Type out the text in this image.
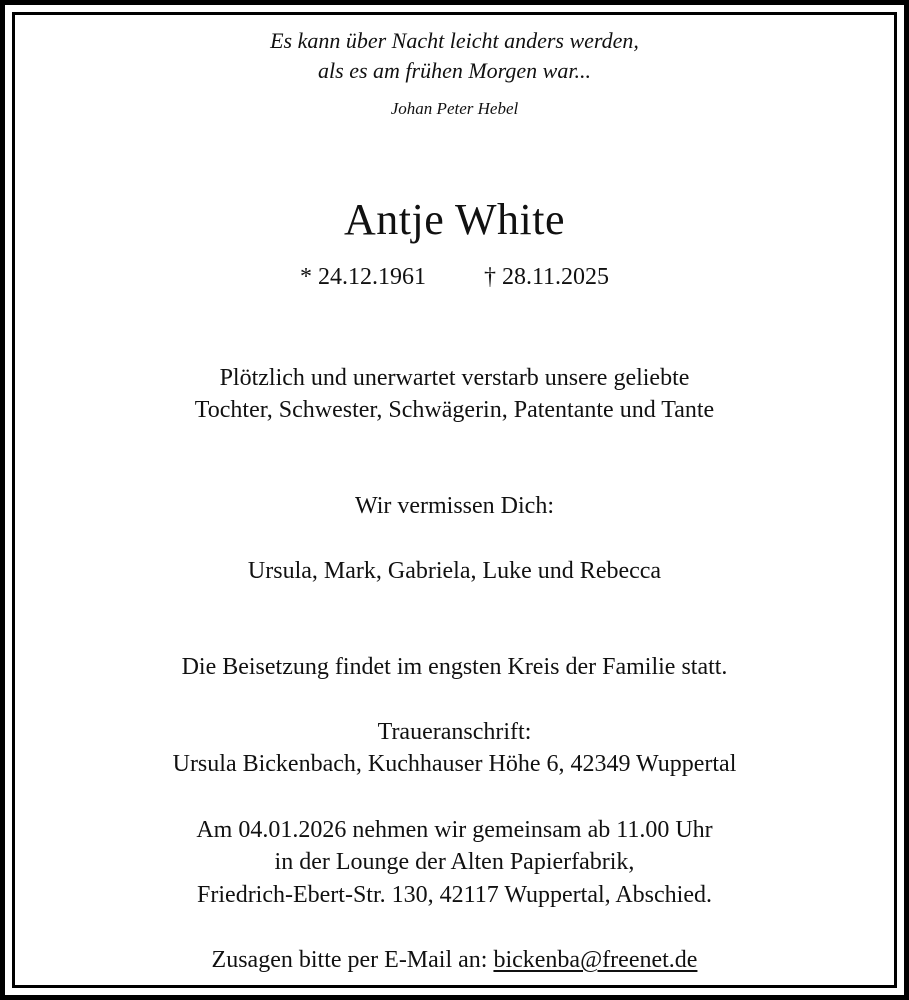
Es kann über Nacht leicht anders werden,
als es am frühen Morgen war...
Johan Peter Hebel
Antje White
* 24.12.1961 † 28.11.2025
Plötzlich und unerwartet verstarb unsere geliebte
Tochter, Schwester, Schwägerin, Patentante und Tante
Wir vermissen Dich:
Ursula, Mark, Gabriela, Luke und Rebecca
Die Beisetzung findet im engsten Kreis der Familie statt.
Traueranschrift:
Ursula Bickenbach, Kuchhauser Höhe 6, 42349 Wuppertal
Am 04.01.2026 nehmen wir gemeinsam ab 11.00 Uhr
in der Lounge der Alten Papierfabrik,
Friedrich-Ebert-Str. 130, 42117 Wuppertal, Abschied.
Zusagen bitte per E-Mail an: bickenba@freenet.de
